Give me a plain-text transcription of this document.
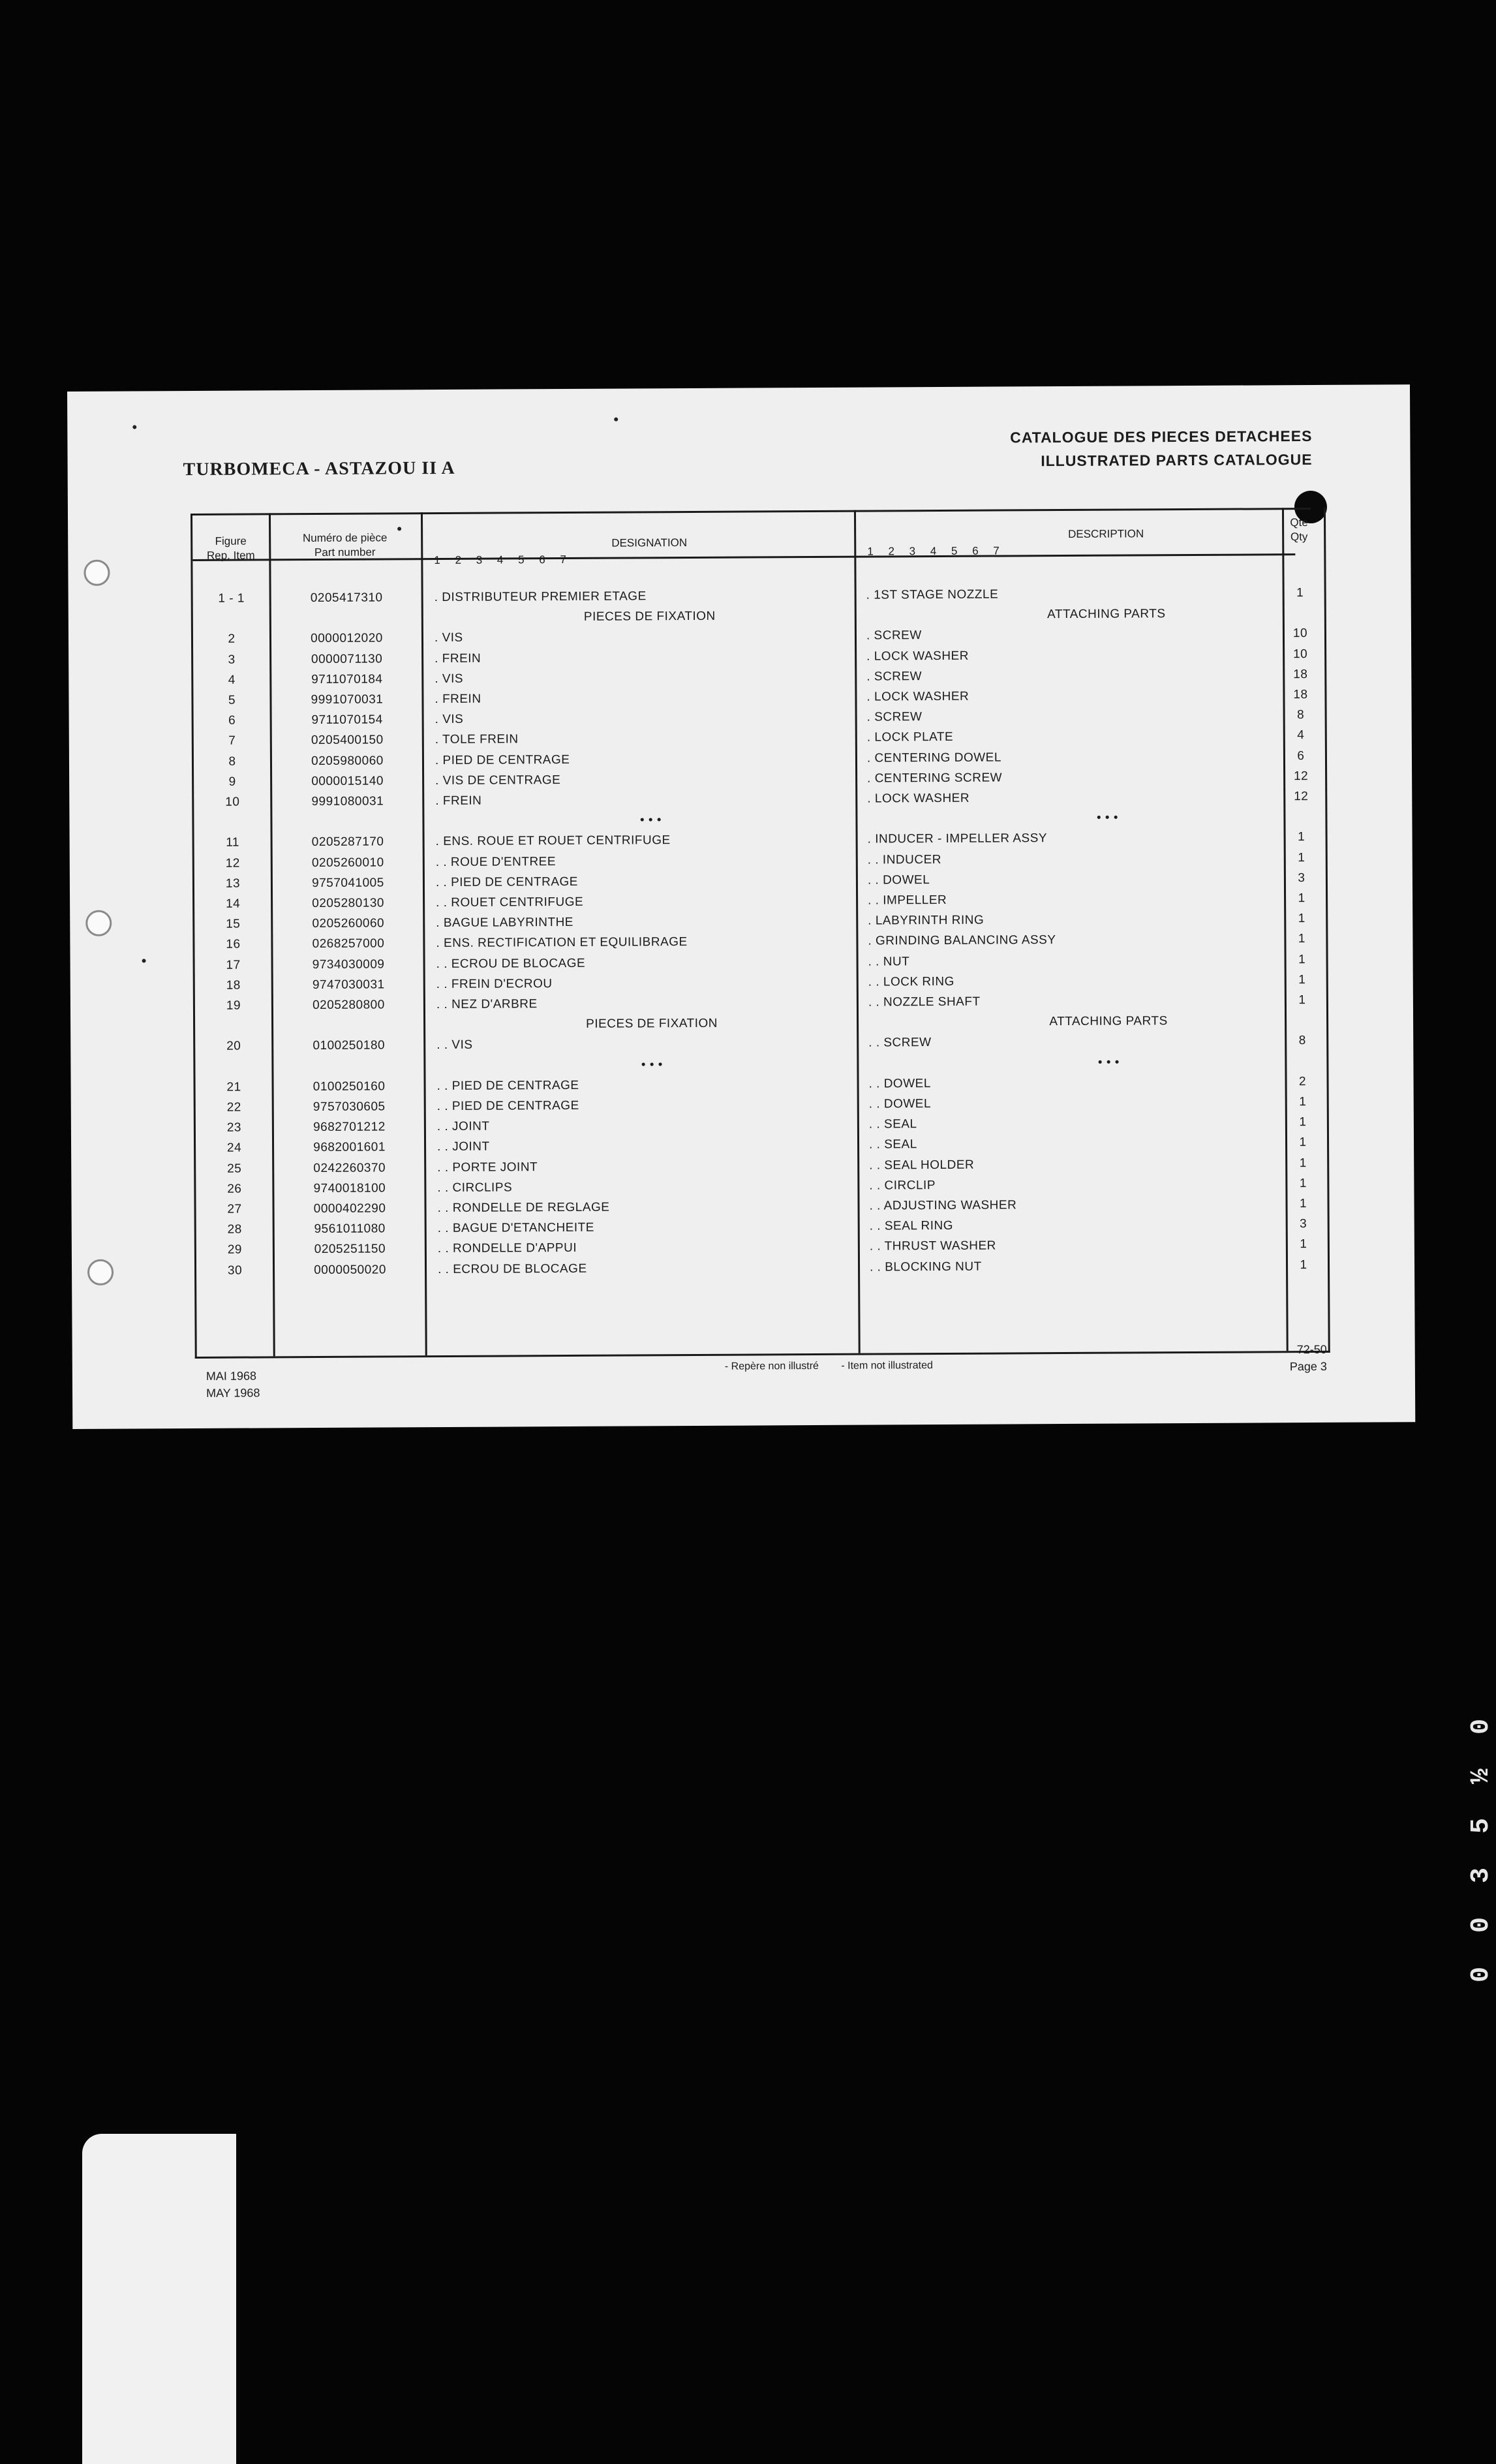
TURBOMECA - ASTAZOU II A
CATALOGUE DES PIECES DETACHEES
ILLUSTRATED PARTS CATALOGUE
Figure
Rep. Item
Numéro de pièce
Part number
DESIGNATION
1 2 3 4 5 6 7
DESCRIPTION
1 2 3 4 5 6 7
Qte
Qty
1 - 1	0205417310	. DISTRIBUTEUR PREMIER ETAGE	. 1ST STAGE NOZZLE	1
PIECES DE FIXATION	ATTACHING PARTS
2	0000012020	. VIS	. SCREW	10
3	0000071130	. FREIN	. LOCK WASHER	10
4	9711070184	. VIS	. SCREW	18
5	9991070031	. FREIN	. LOCK WASHER	18
6	9711070154	. VIS	. SCREW	8
7	0205400150	. TOLE FREIN	. LOCK PLATE	4
8	0205980060	. PIED DE CENTRAGE	. CENTERING DOWEL	6
9	0000015140	. VIS DE CENTRAGE	. CENTERING SCREW	12
10	9991080031	. FREIN	. LOCK WASHER	12
• • •	• • •
11	0205287170	. ENS. ROUE ET ROUET CENTRIFUGE	. INDUCER - IMPELLER ASSY	1
12	0205260010	. . ROUE D'ENTREE	. . INDUCER	1
13	9757041005	. . PIED DE CENTRAGE	. . DOWEL	3
14	0205280130	. . ROUET CENTRIFUGE	. . IMPELLER	1
15	0205260060	. BAGUE LABYRINTHE	. LABYRINTH RING	1
16	0268257000	. ENS. RECTIFICATION ET EQUILIBRAGE	. GRINDING BALANCING ASSY	1
17	9734030009	. . ECROU DE BLOCAGE	. . NUT	1
18	9747030031	. . FREIN D'ECROU	. . LOCK RING	1
19	0205280800	. . NEZ D'ARBRE	. . NOZZLE SHAFT	1
PIECES DE FIXATION	ATTACHING PARTS
20	0100250180	. . VIS	. . SCREW	8
• • •	• • •
21	0100250160	. . PIED DE CENTRAGE	. . DOWEL	2
22	9757030605	. . PIED DE CENTRAGE	. . DOWEL	1
23	9682701212	. . JOINT	. . SEAL	1
24	9682001601	. . JOINT	. . SEAL	1
25	0242260370	. . PORTE JOINT	. . SEAL HOLDER	1
26	9740018100	. . CIRCLIPS	. . CIRCLIP	1
27	0000402290	. . RONDELLE DE REGLAGE	. . ADJUSTING WASHER	1
28	9561011080	. . BAGUE D'ETANCHEITE	. . SEAL RING	3
29	0205251150	. . RONDELLE D'APPUI	. . THRUST WASHER	1
30	0000050020	. . ECROU DE BLOCAGE	. . BLOCKING NUT	1
MAI 1968
MAY 1968
- Repère non illustré - Item not illustrated
72-50
Page 3
0 0 3 5 ½ 0
